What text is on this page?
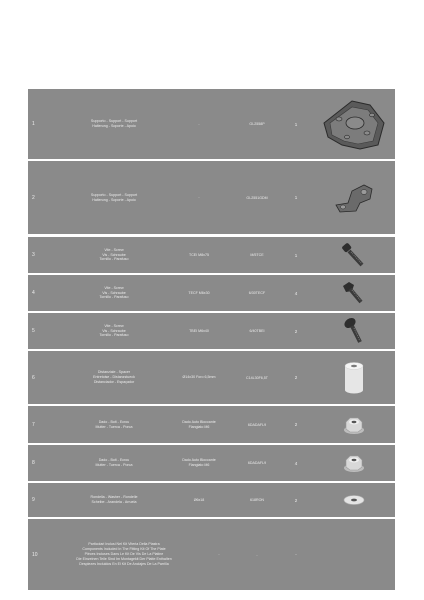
1	Supporto - Support - Support
Halterung - Soporte - Apoio
-	GL2558P	1
2	Supporto - Support - Support
Halterung - Soporte - Apoio
-	GL2551GDM	1
3
Vite - Screw
Vis - Schraube
Tornillo - Parafuso
TCEI M8x75	M/5TCE	1
4
Vite - Screw
Vis - Schraube
Tornillo - Parafuso
TECF M6x30	6/30TECF	4
5
Vite - Screw
Vis - Schraube
Tornillo - Parafuso
TBEI M6x40	6/40TBEI	2
6
Distanziale - Spacer
Entretoise - Distanzstueck
Distanciador - Espaçador
Ø14x30 Foro 6,5mm	C14L30F6,5T	2
7	Dado - Bolt - Ecrou
Mutter - Tuerca - Porca
Dado Auto Bloccante
Flangiato M6	6DADAFL9	2
8	Dado - Bolt - Ecrou
Mutter - Tuerca - Porca
Dado Auto Bloccante
Flangiato M6	6DADAFL9	4
9	Rondella - Washer - Rondelle
Scheibe - Arandela - Arruela
Ø6x18	618RON	2
10
Particolari Inclusi Nel Kit Viteria Della Piastra
Components Included In The Fitting Kit Of The Plate
Pièces Incluses Dans Le Kit De Vis De La Platine
Die Einzelnen Teile Sind Im Montagekit Der Platte Enthalten
Despiezes Incluidos En El Kit De Anclajes De La Parrilla
-	-	-
